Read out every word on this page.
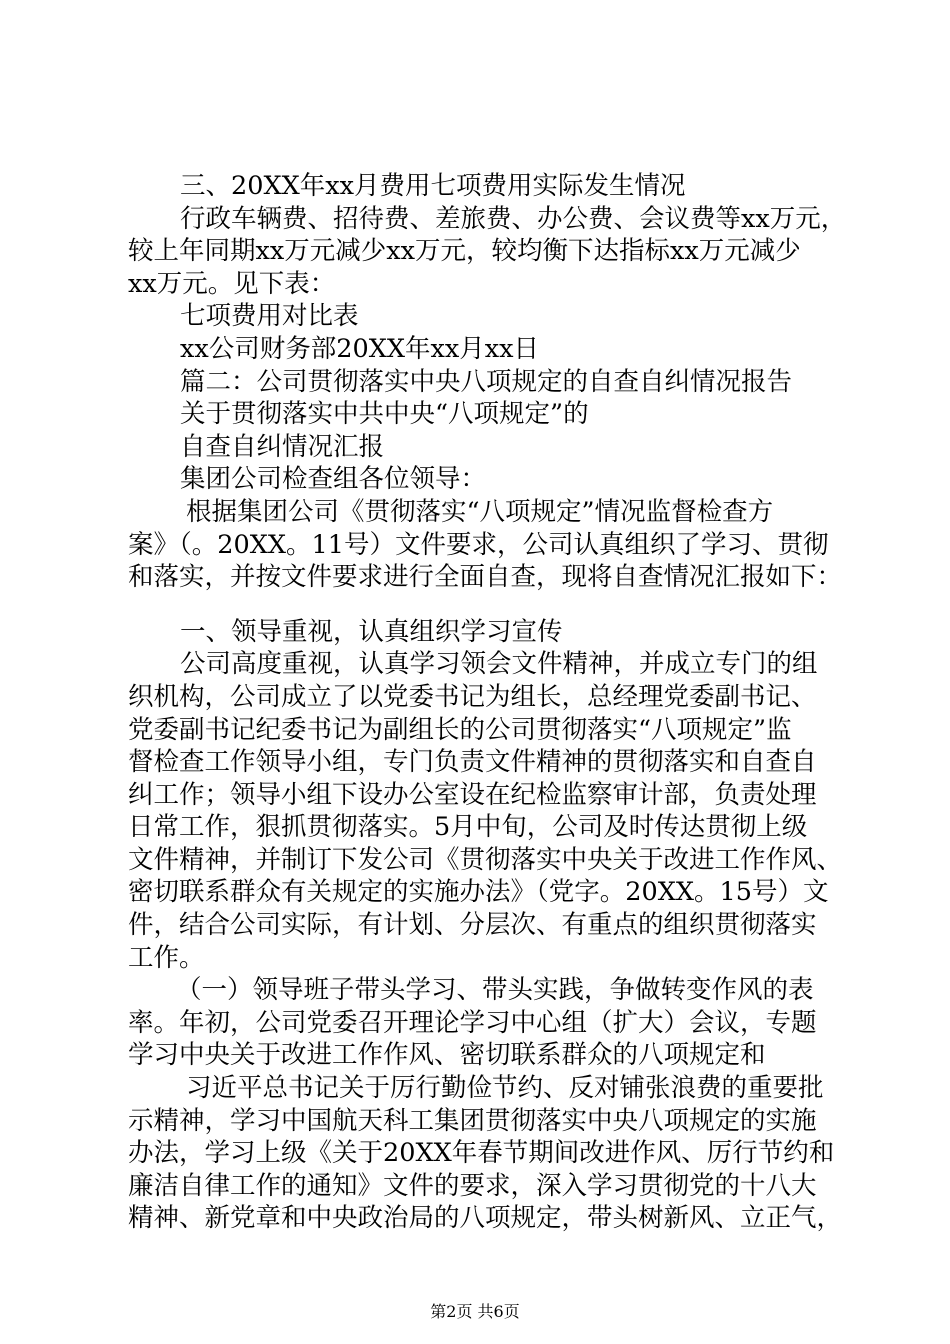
三、20XX年xx月费用七项费用实际发生情况
行政车辆费、招待费、差旅费、办公费、会议费等xx万元，
较上年同期xx万元减少xx万元，较均衡下达指标xx万元减少
xx万元。见下表：
七项费用对比表
xx公司财务部20XX年xx月xx日
篇二：公司贯彻落实中央八项规定的自查自纠情况报告
关于贯彻落实中共中央“八项规定”的
自查自纠情况汇报
集团公司检查组各位领导：
根据集团公司《贯彻落实“八项规定”情况监督检查方
案》（。20XX。11号）文件要求，公司认真组织了学习、贯彻
和落实，并按文件要求进行全面自查，现将自查情况汇报如下：
一、领导重视，认真组织学习宣传
公司高度重视，认真学习领会文件精神，并成立专门的组
织机构，公司成立了以党委书记为组长，总经理党委副书记、
党委副书记纪委书记为副组长的公司贯彻落实“八项规定”监
督检查工作领导小组，专门负责文件精神的贯彻落实和自查自
纠工作；领导小组下设办公室设在纪检监察审计部，负责处理
日常工作，狠抓贯彻落实。5月中旬，公司及时传达贯彻上级
文件精神，并制订下发公司《贯彻落实中央关于改进工作作风、
密切联系群众有关规定的实施办法》（党字。20XX。15号）文
件，结合公司实际，有计划、分层次、有重点的组织贯彻落实
工作。
（一）领导班子带头学习、带头实践，争做转变作风的表
率。年初，公司党委召开理论学习中心组（扩大）会议，专题
学习中央关于改进工作作风、密切联系群众的八项规定和
习近平总书记关于厉行勤俭节约、反对铺张浪费的重要批
示精神，学习中国航天科工集团贯彻落实中央八项规定的实施
办法，学习上级《关于20XX年春节期间改进作风、厉行节约和
廉洁自律工作的通知》文件的要求，深入学习贯彻党的十八大
精神、新党章和中央政治局的八项规定，带头树新风、立正气，
第2页 共6页
